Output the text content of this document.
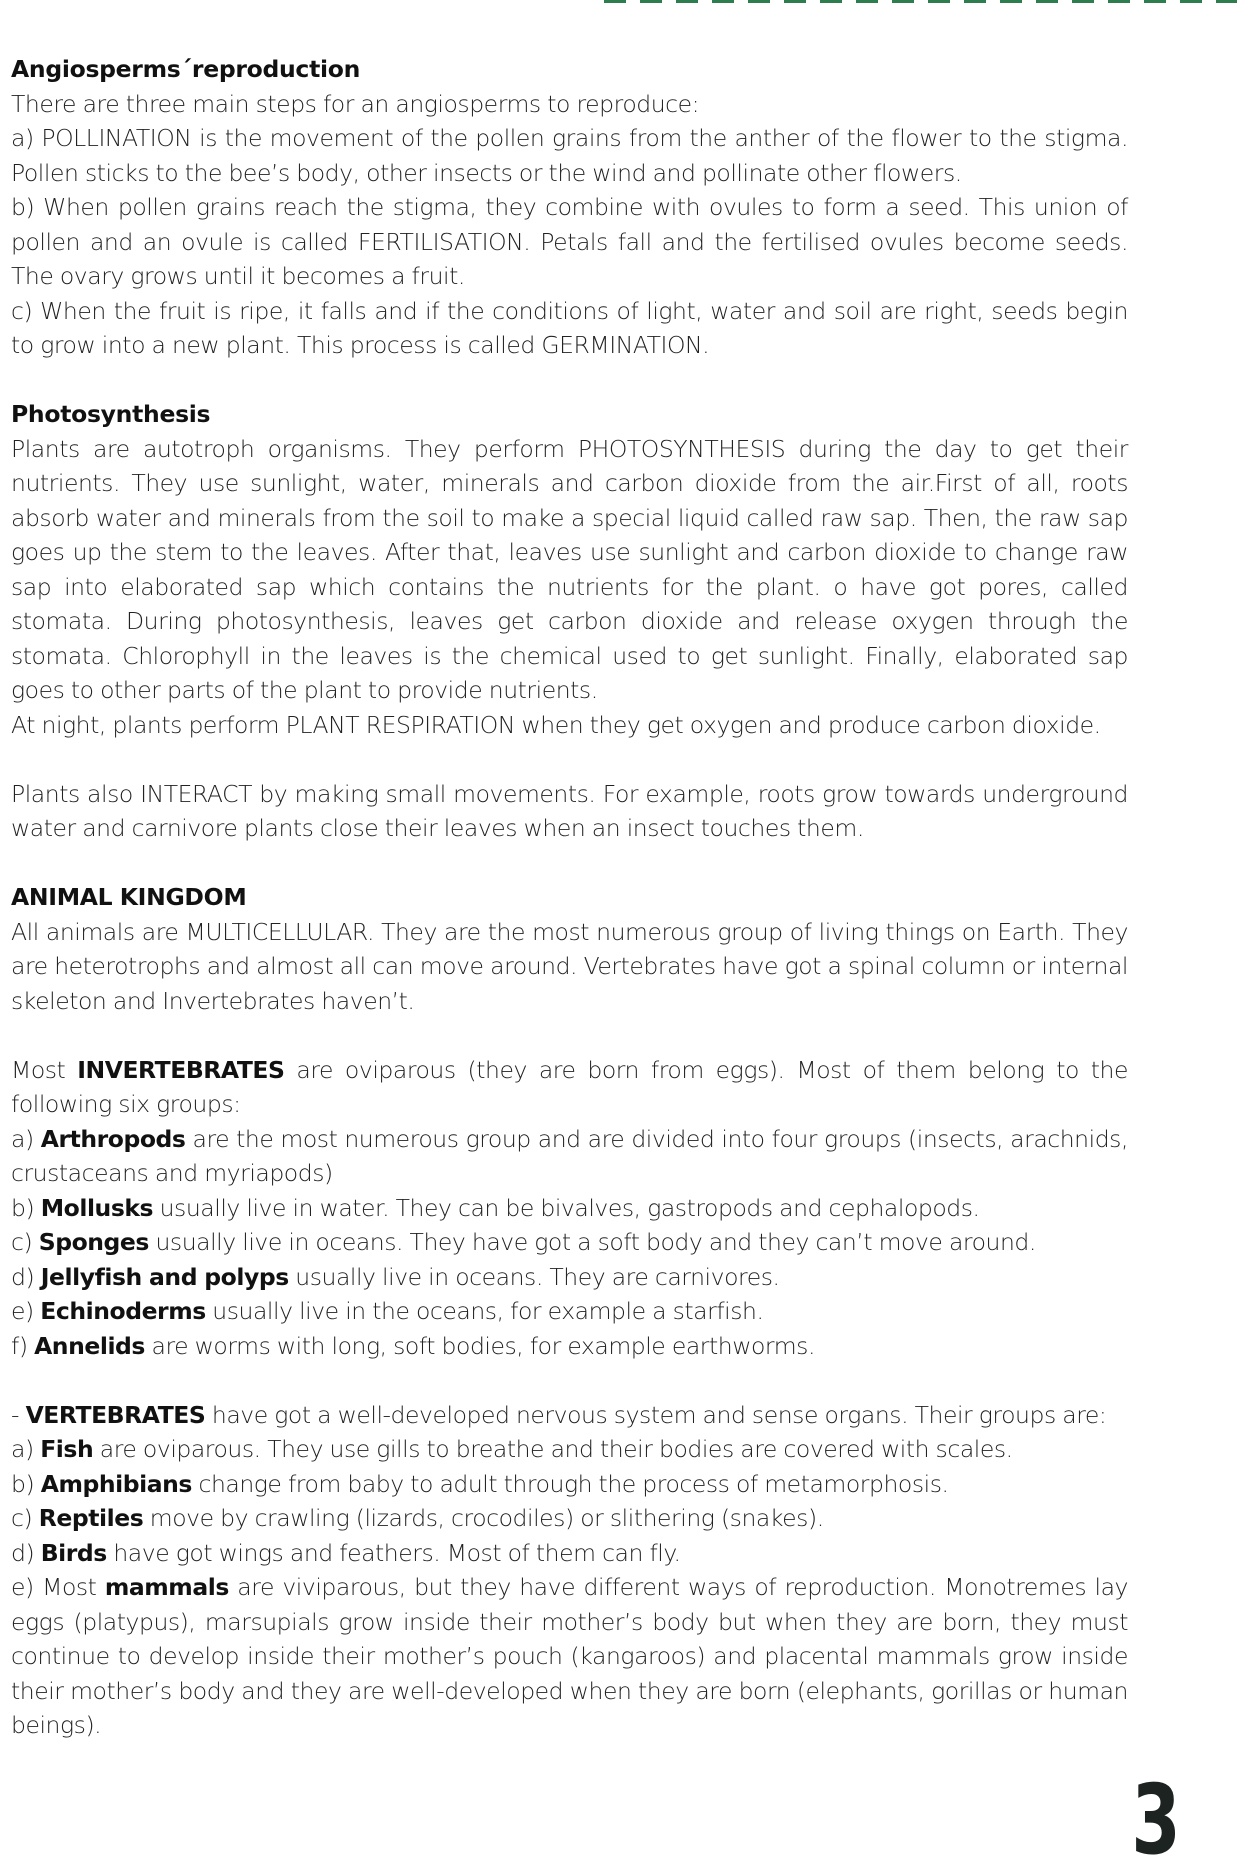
Angiosperms´reproduction

There are three main steps for an angiosperms to reproduce:

a) POLLINATION is the movement of the pollen grains from the anther of the flower to the stigma. Pollen sticks to the bee’s body, other insects or the wind and pollinate other flowers.

b) When pollen grains reach the stigma, they combine with ovules to form a seed. This union of pollen and an ovule is called FERTILISATION. Petals fall and the fertilised ovules become seeds. The ovary grows until it becomes a fruit.

c) When the fruit is ripe, it falls and if the conditions of light, water and soil are right, seeds begin to grow into a new plant. This process is called GERMINATION.

Photosynthesis

Plants are autotroph organisms. They perform PHOTOSYNTHESIS during the day to get their nutrients. They use sunlight, water, minerals and carbon dioxide from the air.First of all, roots absorb water and minerals from the soil to make a special liquid called raw sap. Then, the raw sap goes up the stem to the leaves. After that, leaves use sunlight and carbon dioxide to change raw sap into elaborated sap which contains the nutrients for the plant. o have got pores, called stomata. During photosynthesis, leaves get carbon dioxide and release oxygen through the stomata. Chlorophyll in the leaves is the chemical used to get sunlight. Finally, elaborated sap goes to other parts of the plant to provide nutrients.

At night, plants perform PLANT RESPIRATION when they get oxygen and produce carbon dioxide.

Plants also INTERACT by making small movements. For example, roots grow towards underground water and carnivore plants close their leaves when an insect touches them.

ANIMAL KINGDOM

All animals are MULTICELLULAR. They are the most numerous group of living things on Earth. They are heterotrophs and almost all can move around. Vertebrates have got a spinal column or internal skeleton and Invertebrates haven’t.

Most INVERTEBRATES are oviparous (they are born from eggs). Most of them belong to the following six groups:

a) Arthropods are the most numerous group and are divided into four groups (insects, arachnids, crustaceans and myriapods)

b) Mollusks usually live in water. They can be bivalves, gastropods and cephalopods.

c) Sponges usually live in oceans. They have got a soft body and they can’t move around.

d) Jellyfish and polyps usually live in oceans. They are carnivores.

e) Echinoderms usually live in the oceans, for example a starfish.

f) Annelids are worms with long, soft bodies, for example earthworms.

- VERTEBRATES have got a well-developed nervous system and sense organs. Their groups are:

a) Fish are oviparous. They use gills to breathe and their bodies are covered with scales.

b) Amphibians change from baby to adult through the process of metamorphosis.

c) Reptiles move by crawling (lizards, crocodiles) or slithering (snakes).

d) Birds have got wings and feathers. Most of them can fly.

e) Most mammals are viviparous, but they have different ways of reproduction. Monotremes lay eggs (platypus), marsupials grow inside their mother’s body but when they are born, they must continue to develop inside their mother’s pouch (kangaroos) and placental mammals grow inside their mother’s body and they are well-developed when they are born (elephants, gorillas or human beings).

3
